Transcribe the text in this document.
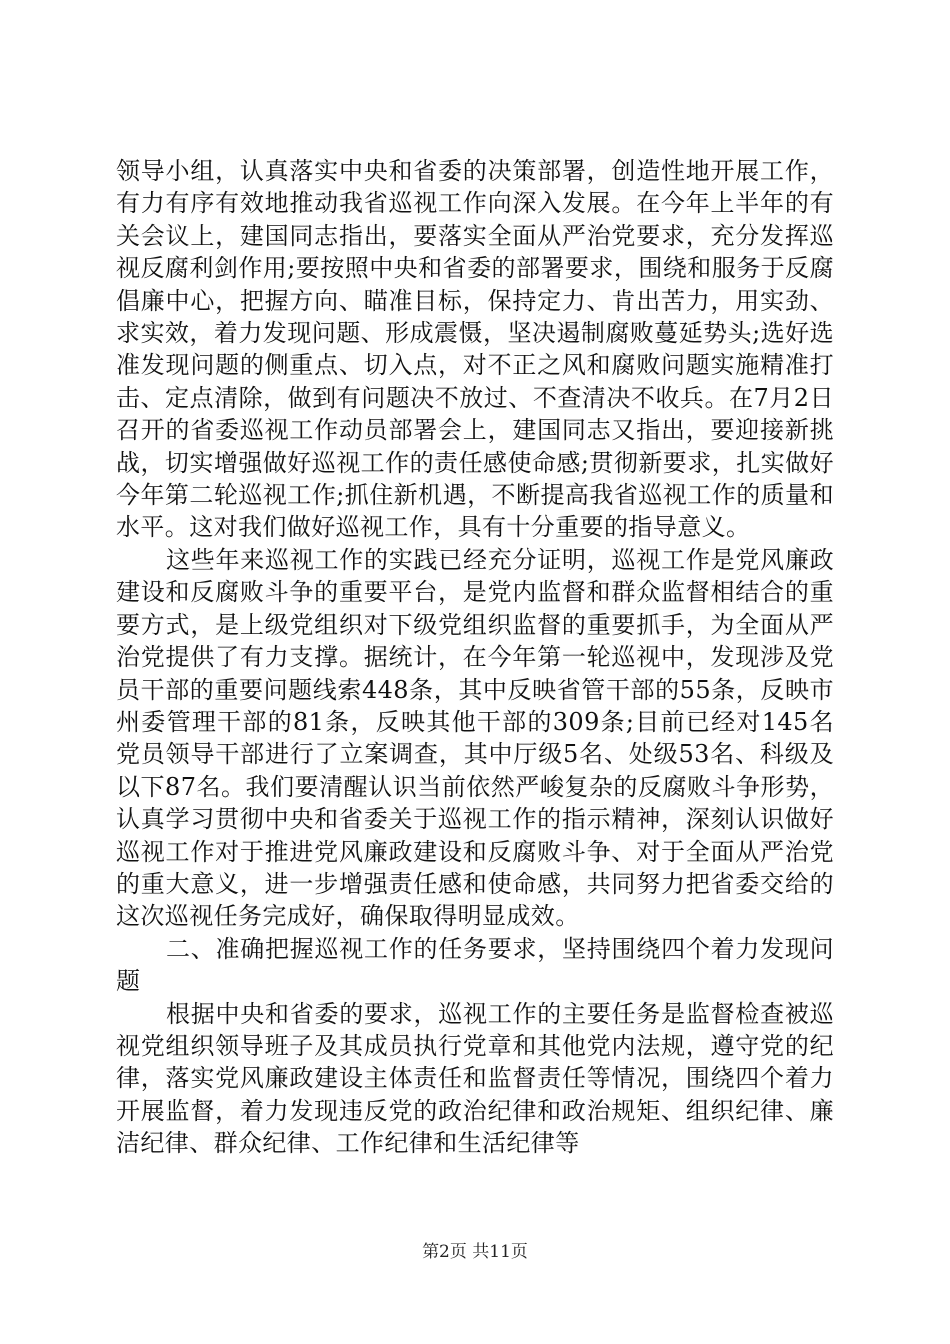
领导小组，认真落实中央和省委的决策部署，创造性地开展工作，有力有序有效地推动我省巡视工作向深入发展。在今年上半年的有关会议上，建国同志指出，要落实全面从严治党要求，充分发挥巡视反腐利剑作用;要按照中央和省委的部署要求，围绕和服务于反腐倡廉中心，把握方向、瞄准目标，保持定力、肯出苦力，用实劲、求实效，着力发现问题、形成震慑，坚决遏制腐败蔓延势头;选好选准发现问题的侧重点、切入点，对不正之风和腐败问题实施精准打击、定点清除，做到有问题决不放过、不查清决不收兵。在7月2日召开的省委巡视工作动员部署会上，建国同志又指出，要迎接新挑战，切实增强做好巡视工作的责任感使命感;贯彻新要求，扎实做好今年第二轮巡视工作;抓住新机遇，不断提高我省巡视工作的质量和水平。这对我们做好巡视工作，具有十分重要的指导意义。

这些年来巡视工作的实践已经充分证明，巡视工作是党风廉政建设和反腐败斗争的重要平台，是党内监督和群众监督相结合的重要方式，是上级党组织对下级党组织监督的重要抓手，为全面从严治党提供了有力支撑。据统计，在今年第一轮巡视中，发现涉及党员干部的重要问题线索448条，其中反映省管干部的55条，反映市州委管理干部的81条，反映其他干部的309条;目前已经对145名党员领导干部进行了立案调查，其中厅级5名、处级53名、科级及以下87名。我们要清醒认识当前依然严峻复杂的反腐败斗争形势，认真学习贯彻中央和省委关于巡视工作的指示精神，深刻认识做好巡视工作对于推进党风廉政建设和反腐败斗争、对于全面从严治党的重大意义，进一步增强责任感和使命感，共同努力把省委交给的这次巡视任务完成好，确保取得明显成效。

二、准确把握巡视工作的任务要求，坚持围绕四个着力发现问题

根据中央和省委的要求，巡视工作的主要任务是监督检查被巡视党组织领导班子及其成员执行党章和其他党内法规，遵守党的纪律，落实党风廉政建设主体责任和监督责任等情况，围绕四个着力开展监督，着力发现违反党的政治纪律和政治规矩、组织纪律、廉洁纪律、群众纪律、工作纪律和生活纪律等

第2页 共11页
